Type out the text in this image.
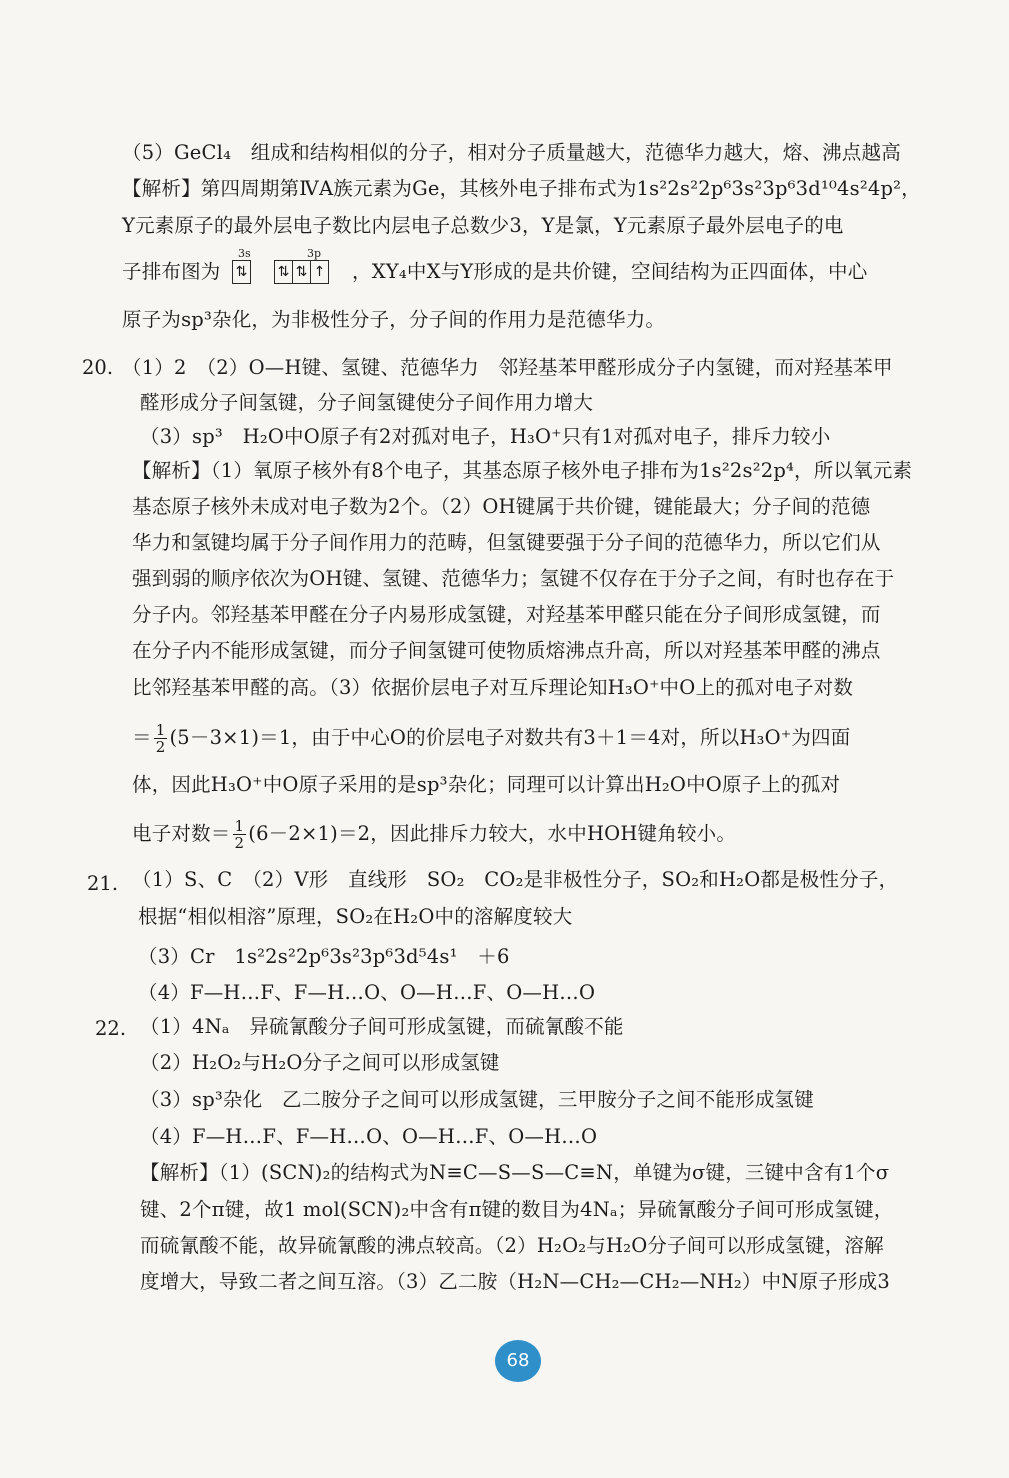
（5）GeCl₄　组成和结构相似的分子，相对分子质量越大，范德华力越大，熔、沸点越高
【解析】第四周期第ⅣA族元素为Ge，其核外电子排布式为1s²2s²2p⁶3s²3p⁶3d¹⁰4s²4p²，
Y元素原子的最外层电子数比内层电子总数少3，Y是氯，Y元素原子最外层电子的电
子排布图为
3s
⇅
3p
⇅ ⇅ ↑ ，XY₄中X与Y形成的是共价键，空间结构为正四面体，中心
原子为sp³杂化，为非极性分子，分子间的作用力是范德华力。
20. （1）2　（2）O—H键、氢键、范德华力　邻羟基苯甲醛形成分子内氢键，而对羟基苯甲
醛形成分子间氢键，分子间氢键使分子间作用力增大
（3）sp³　H₂O中O原子有2对孤对电子，H₃O⁺只有1对孤对电子，排斥力较小
【解析】（1）氧原子核外有8个电子，其基态原子核外电子排布为1s²2s²2p⁴，所以氧元素
基态原子核外未成对电子数为2个。（2）OH键属于共价键，键能最大；分子间的范德
华力和氢键均属于分子间作用力的范畴，但氢键要强于分子间的范德华力，所以它们从
强到弱的顺序依次为OH键、氢键、范德华力；氢键不仅存在于分子之间，有时也存在于
分子内。邻羟基苯甲醛在分子内易形成氢键，对羟基苯甲醛只能在分子间形成氢键，而
在分子内不能形成氢键，而分子间氢键可使物质熔沸点升高，所以对羟基苯甲醛的沸点
比邻羟基苯甲醛的高。（3）依据价层电子对互斥理论知H₃O⁺中O上的孤对电子对数
＝ $\frac{1}{2} (5-3\times 1)=1$，由于中心O的价层电子对数共有3＋1＝4对，所以H₃O⁺为四面
体，因此H₃O⁺中O原子采用的是sp³杂化；同理可以计算出H₂O中O原子上的孤对
电子对数＝ $\frac{1}{2} (6-2\times 1)=2$，因此排斥力较大，水中HOH键角较小。
21. （1）S、C　（2）V形　直线形　SO₂　CO₂是非极性分子，SO₂和H₂O都是极性分子，
根据“相似相溶”原理，SO₂在H₂O中的溶解度较大
（3）Cr　1s²2s²2p⁶3s²3p⁶3d⁵4s¹　＋6
（4）F—H…F、F—H…O、O—H…F、O—H…O
22. （1）4Nₐ　异硫氰酸分子间可形成氢键，而硫氰酸不能
（2）H₂O₂与H₂O分子之间可以形成氢键
（3）sp³杂化　乙二胺分子之间可以形成氢键，三甲胺分子之间不能形成氢键
（4）F—H…F、F—H…O、O—H…F、O—H…O
【解析】（1）(SCN)₂的结构式为N≡C—S—S—C≡N，单键为σ键，三键中含有1个σ
键、2个π键，故1 mol(SCN)₂中含有π键的数目为4Nₐ；异硫氰酸分子间可形成氢键，
而硫氰酸不能，故异硫氰酸的沸点较高。（2）H₂O₂与H₂O分子间可以形成氢键，溶解
度增大，导致二者之间互溶。（3）乙二胺（H₂N—CH₂—CH₂—NH₂）中N原子形成3
68
